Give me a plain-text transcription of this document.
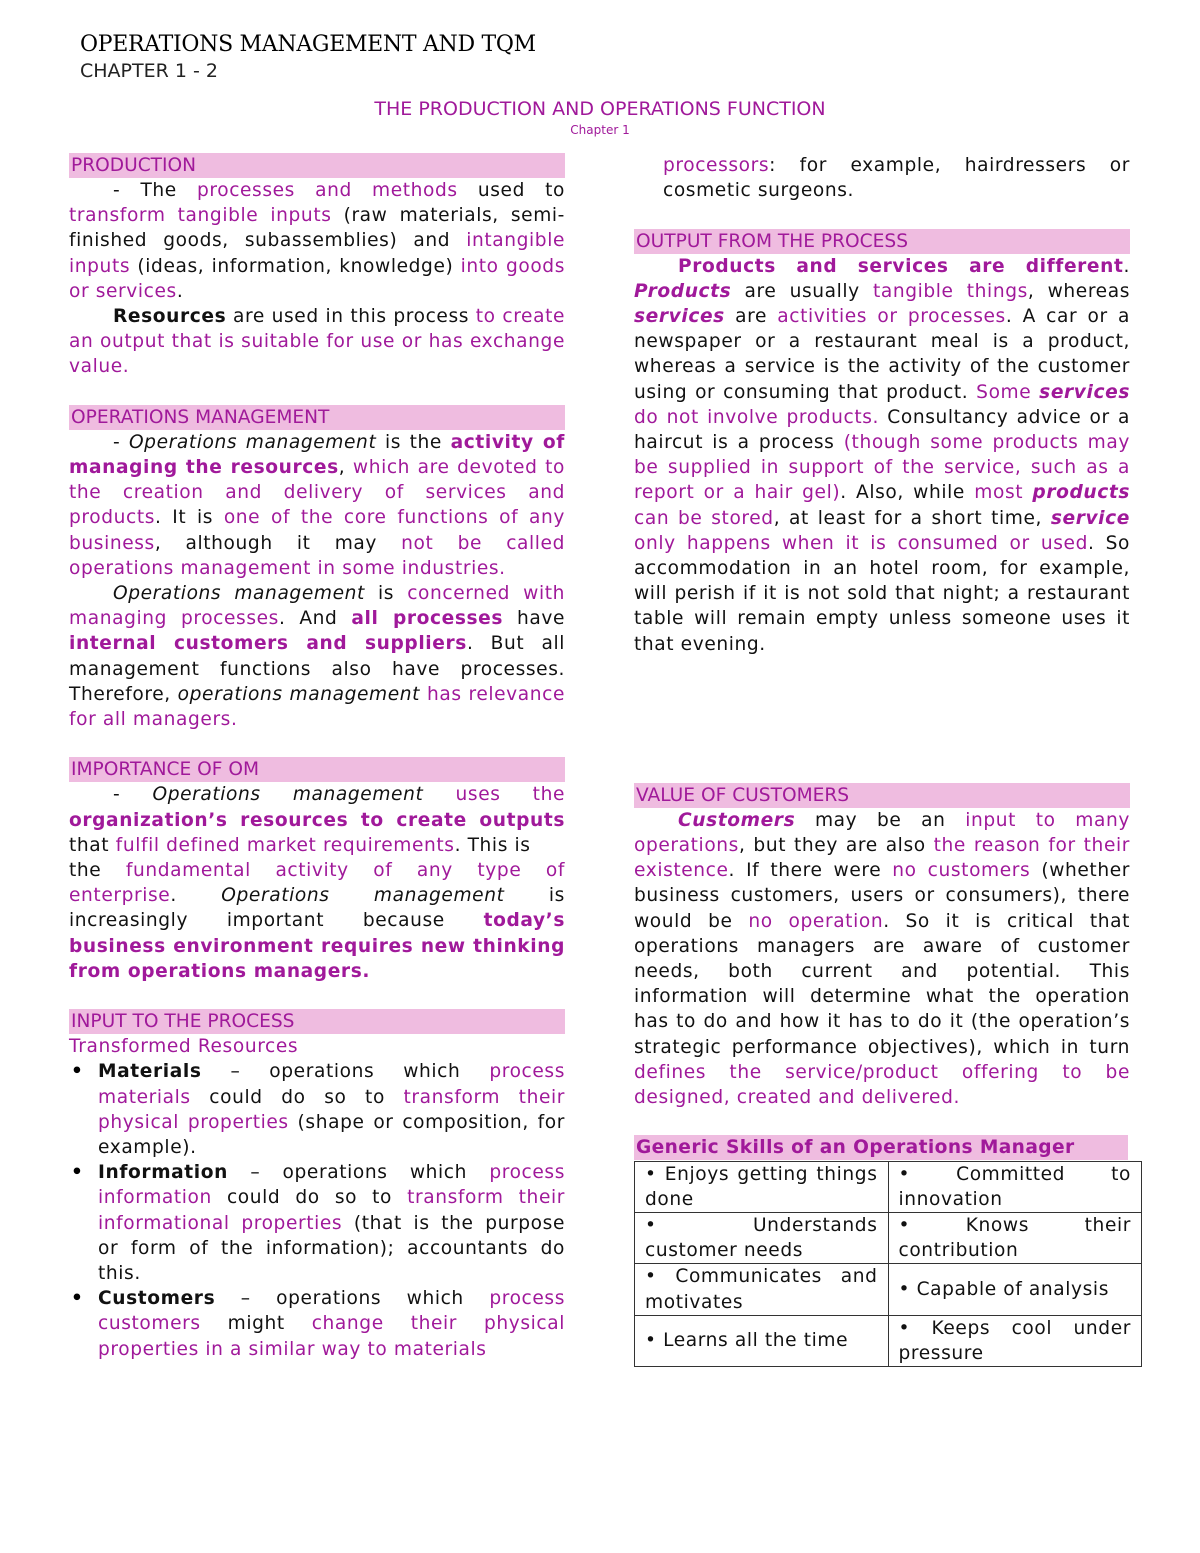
OPERATIONS MANAGEMENT AND TQM
CHAPTER 1 - 2
THE PRODUCTION AND OPERATIONS FUNCTION
Chapter 1
PRODUCTION

- The processes and methods used to transform tangible inputs (raw materials, semi-finished goods, subassemblies) and intangible inputs (ideas, information, knowledge) into goods or services.

Resources are used in this process to create an output that is suitable for use or has exchange value.

OPERATIONS MANAGEMENT

- Operations management is the activity of managing the resources, which are devoted to the creation and delivery of services and products. It is one of the core functions of any business, although it may not be called operations management in some industries.

Operations management is concerned with managing processes. And all processes have internal customers and suppliers. But all management functions also have processes. Therefore, operations management has relevance for all managers.

IMPORTANCE OF OM

- Operations management uses the organization’s resources to create outputs that fulfil defined market requirements. This is

the fundamental activity of any type of enterprise. Operations management is increasingly important because today’s business environment requires new thinking from operations managers.

INPUT TO THE PROCESS
Transformed Resources
• Materials – operations which process materials could do so to transform their physical properties (shape or composition, for example).
• Information – operations which process information could do so to transform their informational properties (that is the purpose or form of the information); accountants do this.
• Customers – operations which process customers might change their physical properties in a similar way to materials

processors: for example, hairdressers or cosmetic surgeons.

OUTPUT FROM THE PROCESS

Products and services are different. Products are usually tangible things, whereas services are activities or processes. A car or a newspaper or a restaurant meal is a product, whereas a service is the activity of the customer using or consuming that product. Some services do not involve products. Consultancy advice or a haircut is a process (though some products may be supplied in support of the service, such as a report or a hair gel). Also, while most products can be stored, at least for a short time, service only happens when it is consumed or used. So accommodation in an hotel room, for example, will perish if it is not sold that night; a restaurant table will remain empty unless someone uses it that evening.

VALUE OF CUSTOMERS

Customers may be an input to many operations, but they are also the reason for their existence. If there were no customers (whether business customers, users or consumers), there would be no operation. So it is critical that operations managers are aware of customer needs, both current and potential. This information will determine what the operation has to do and how it has to do it (the operation’s strategic performance objectives), which in turn defines the service/product offering to be designed, created and delivered.

Generic Skills of an Operations Manager
• Enjoys getting things done	• Committed to innovation
• Understands customer needs	• Knows their contribution
• Communicates and motivates	• Capable of analysis
• Learns all the time	• Keeps cool under pressure
